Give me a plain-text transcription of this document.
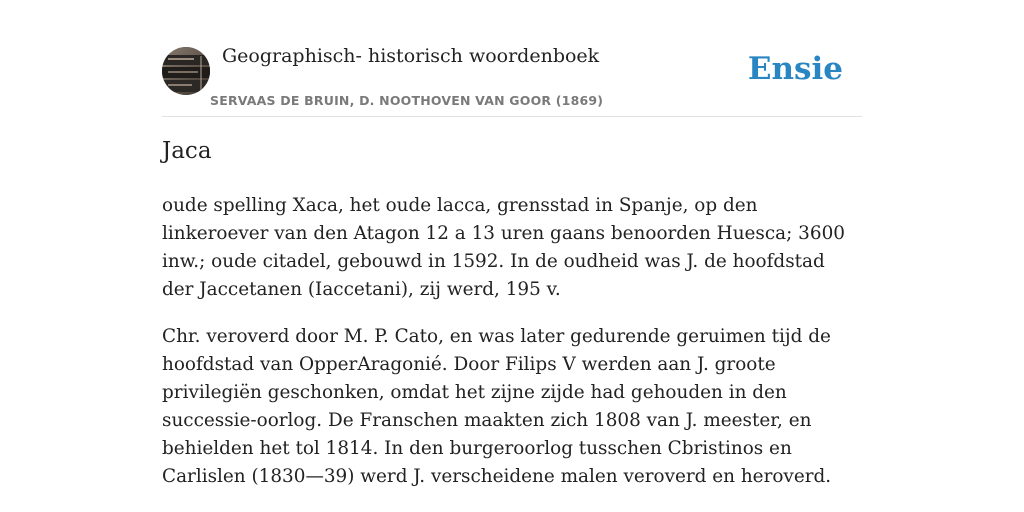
Geographisch- historisch woordenboek
SERVAAS DE BRUIN, D. NOOTHOVEN VAN GOOR (1869)
Ensie
Jaca

oude spelling Xaca, het oude lacca, grensstad in Spanje, op den linkeroever van den Atagon 12 a 13 uren gaans benoorden Huesca; 3600 inw.; oude citadel, gebouwd in 1592. In de oudheid was J. de hoofdstad der Jaccetanen (Iaccetani), zij werd, 195 v.

Chr. veroverd door M. P. Cato, en was later gedurende geruimen tijd de hoofdstad van OpperAragonié. Door Filips V werden aan J. groote privilegiën geschonken, omdat het zijne zijde had gehouden in den successie-oorlog. De Franschen maakten zich 1808 van J. meester, en behielden het tol 1814. In den burgeroorlog tusschen Cbristinos en Carlislen (1830—39) werd J. verscheidene malen veroverd en heroverd.
